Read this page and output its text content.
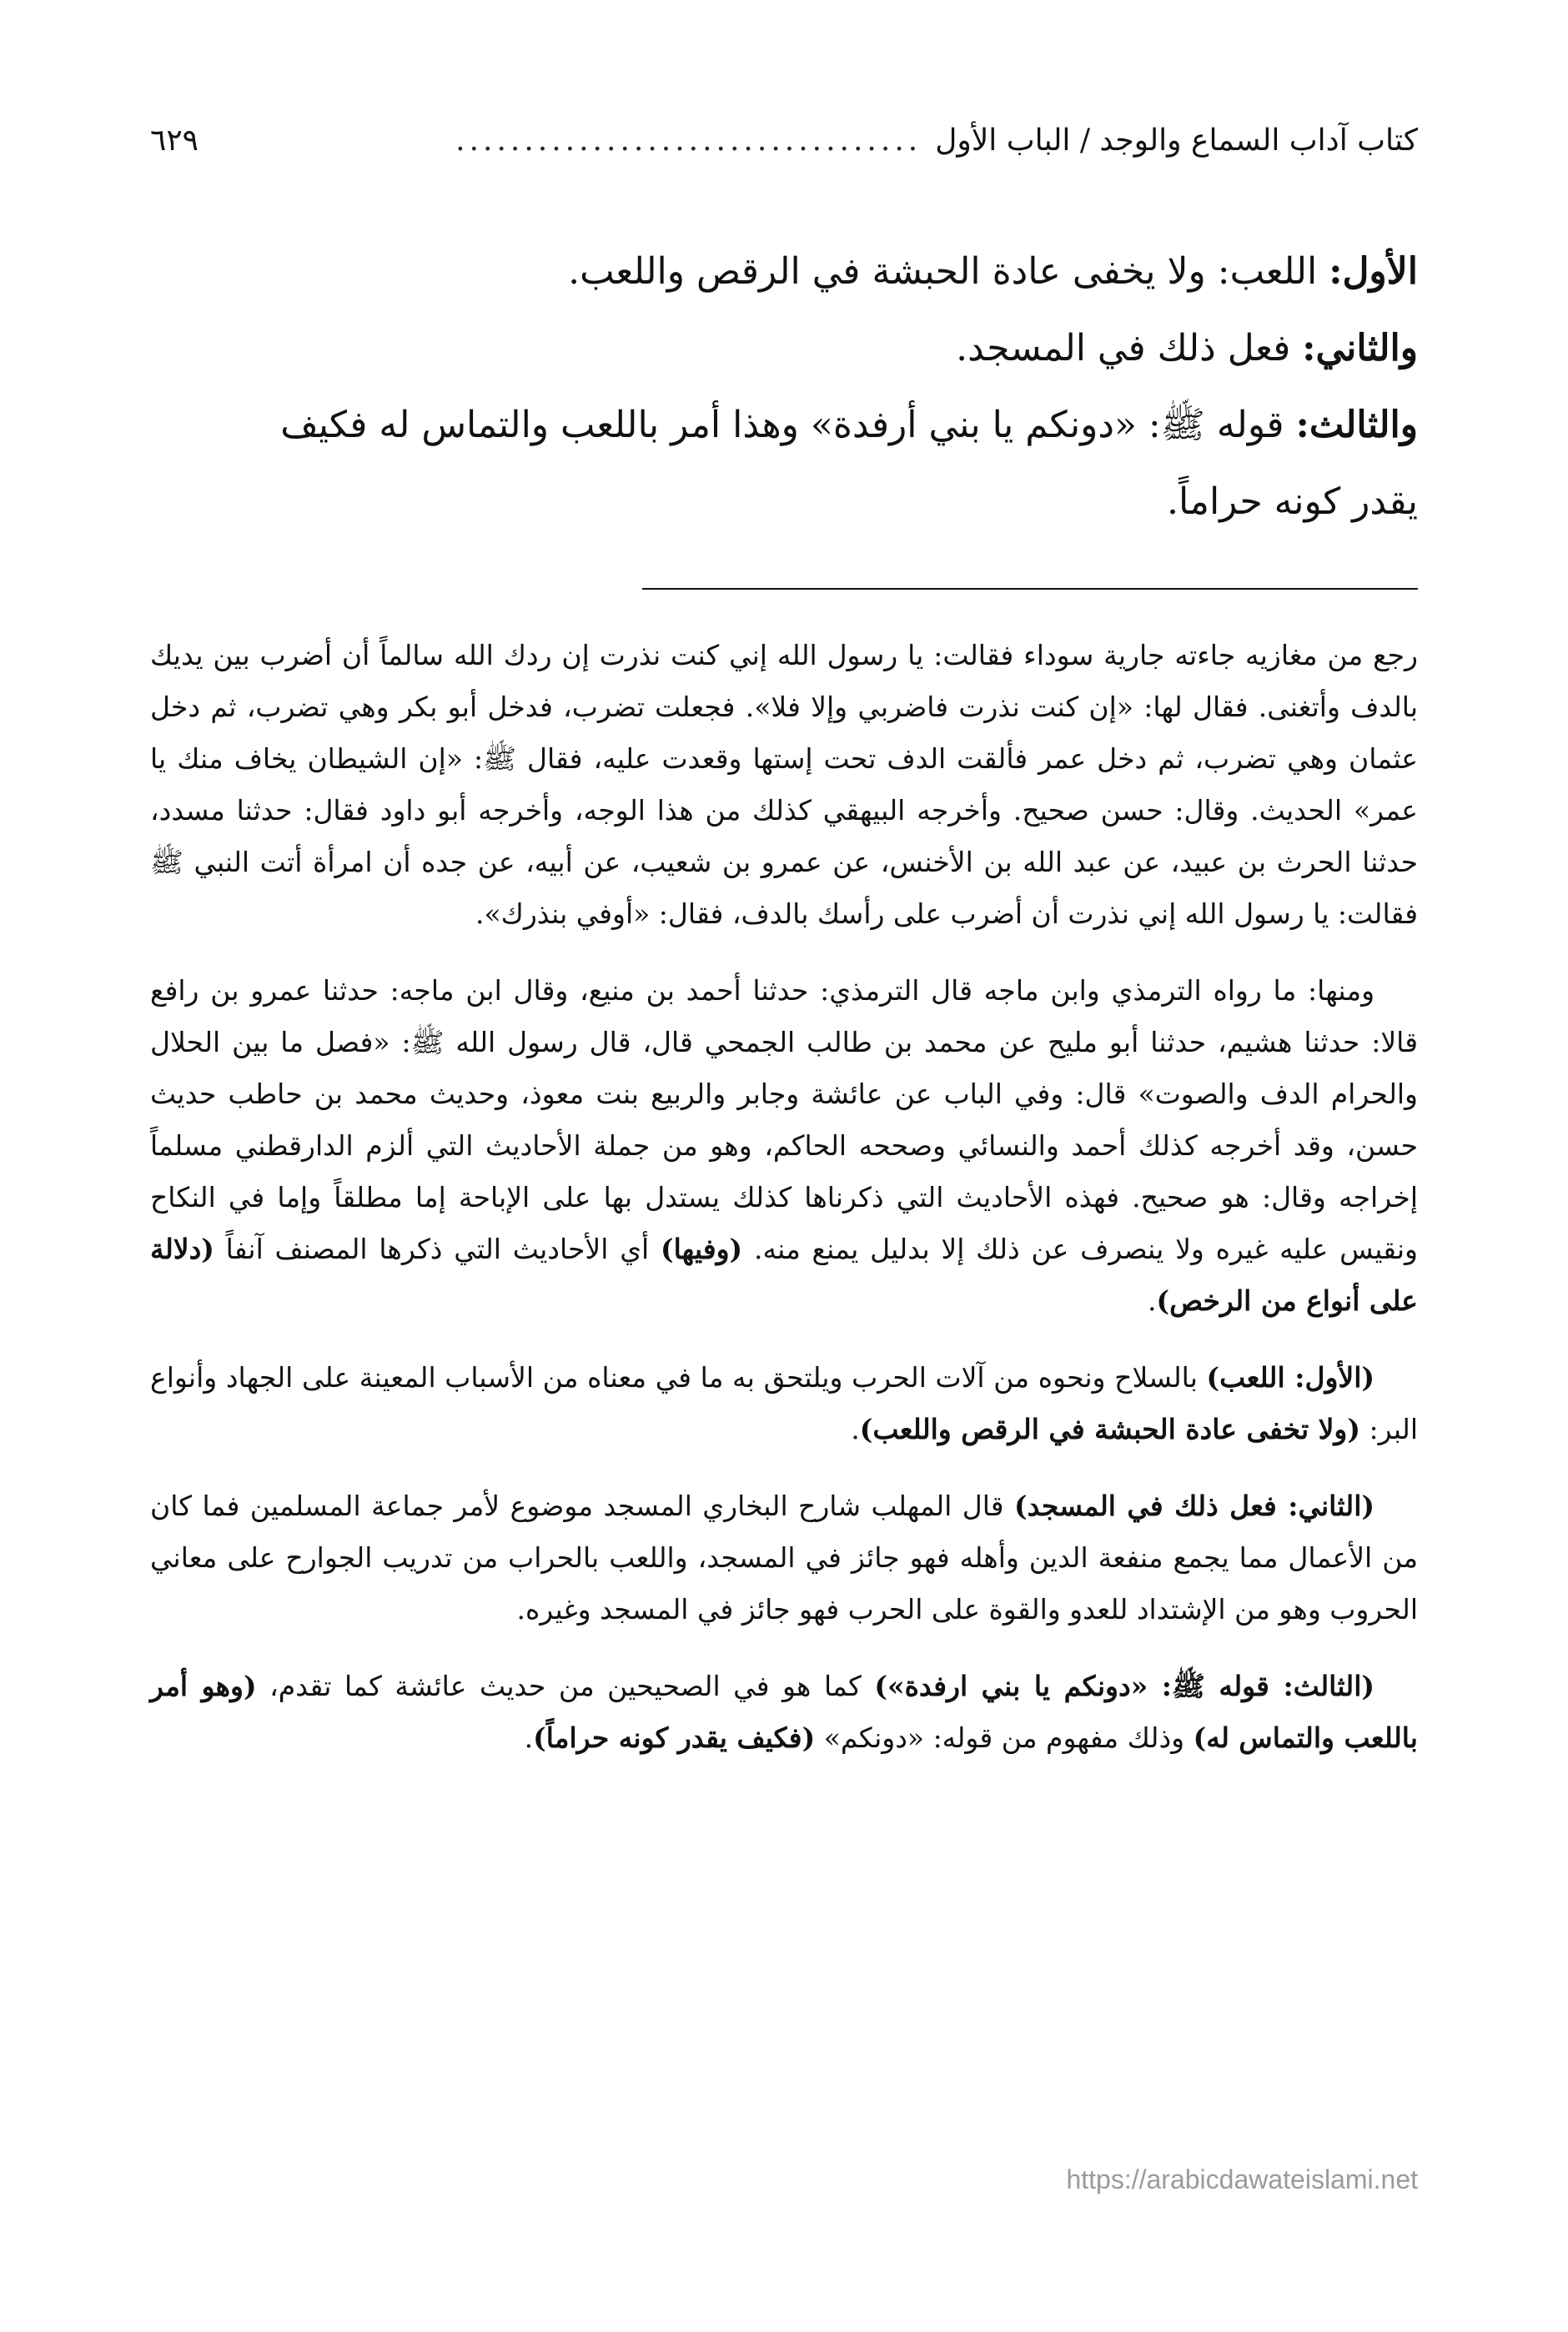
كتاب آداب السماع والوجد / الباب الأول
..................................
٦٢٩

الأول: اللعب: ولا يخفى عادة الحبشة في الرقص واللعب.

والثاني: فعل ذلك في المسجد.

والثالث: قوله ﷺ: «دونكم يا بني أرفدة» وهذا أمر باللعب والتماس له فكيف

يقدر كونه حراماً.

رجع من مغازيه جاءته جارية سوداء فقالت: يا رسول الله إني كنت نذرت إن ردك الله سالماً أن أضرب بين يديك بالدف وأتغنى. فقال لها: «إن كنت نذرت فاضربي وإلا فلا». فجعلت تضرب، فدخل أبو بكر وهي تضرب، ثم دخل عثمان وهي تضرب، ثم دخل عمر فألقت الدف تحت إستها وقعدت عليه، فقال ﷺ: «إن الشيطان يخاف منك يا عمر» الحديث. وقال: حسن صحيح. وأخرجه البيهقي كذلك من هذا الوجه، وأخرجه أبو داود فقال: حدثنا مسدد، حدثنا الحرث بن عبيد، عن عبد الله بن الأخنس، عن عمرو بن شعيب، عن أبيه، عن جده أن امرأة أتت النبي ﷺ فقالت: يا رسول الله إني نذرت أن أضرب على رأسك بالدف، فقال: «أوفي بنذرك».

ومنها: ما رواه الترمذي وابن ماجه قال الترمذي: حدثنا أحمد بن منيع، وقال ابن ماجه: حدثنا عمرو بن رافع قالا: حدثنا هشيم، حدثنا أبو مليح عن محمد بن طالب الجمحي قال، قال رسول الله ﷺ: «فصل ما بين الحلال والحرام الدف والصوت» قال: وفي الباب عن عائشة وجابر والربيع بنت معوذ، وحديث محمد بن حاطب حديث حسن، وقد أخرجه كذلك أحمد والنسائي وصححه الحاكم، وهو من جملة الأحاديث التي ألزم الدارقطني مسلماً إخراجه وقال: هو صحيح. فهذه الأحاديث التي ذكرناها كذلك يستدل بها على الإباحة إما مطلقاً وإما في النكاح ونقيس عليه غيره ولا ينصرف عن ذلك إلا بدليل يمنع منه. (وفيها) أي الأحاديث التي ذكرها المصنف آنفاً (دلالة على أنواع من الرخص).

(الأول: اللعب) بالسلاح ونحوه من آلات الحرب ويلتحق به ما في معناه من الأسباب المعينة على الجهاد وأنواع البر: (ولا تخفى عادة الحبشة في الرقص واللعب).

(الثاني: فعل ذلك في المسجد) قال المهلب شارح البخاري المسجد موضوع لأمر جماعة المسلمين فما كان من الأعمال مما يجمع منفعة الدين وأهله فهو جائز في المسجد، واللعب بالحراب من تدريب الجوارح على معاني الحروب وهو من الإشتداد للعدو والقوة على الحرب فهو جائز في المسجد وغيره.

(الثالث: قوله ﷺ: «دونكم يا بني ارفدة») كما هو في الصحيحين من حديث عائشة كما تقدم، (وهو أمر باللعب والتماس له) وذلك مفهوم من قوله: «دونكم» (فكيف يقدر كونه حراماً).

https://arabicdawateislami.net
